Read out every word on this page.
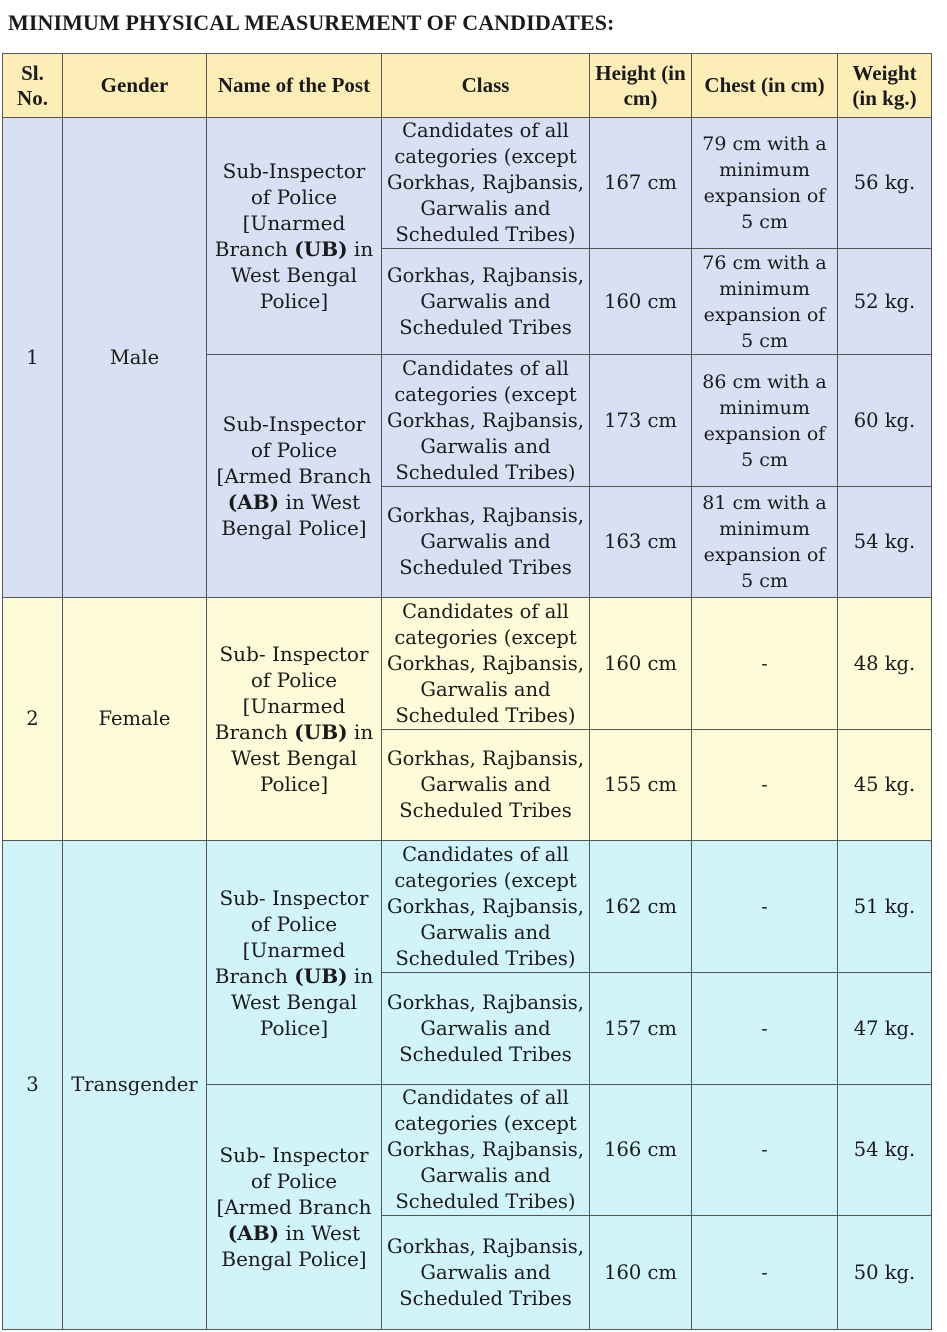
MINIMUM PHYSICAL MEASUREMENT OF CANDIDATES:
Sl. No.	Gender	Name of the Post	Class	Height (in cm)	Chest (in cm)	Weight (in kg.)
1	Male	Sub-Inspector of Police [Unarmed Branch (UB) in West Bengal Police]	Candidates of all categories (except Gorkhas, Rajbansis, Garwalis and Scheduled Tribes)	167 cm	79 cm with a minimum expansion of 5 cm	56 kg.
			Gorkhas, Rajbansis, Garwalis and Scheduled Tribes	160 cm	76 cm with a minimum expansion of 5 cm	52 kg.
		Sub-Inspector of Police [Armed Branch (AB) in West Bengal Police]	Candidates of all categories (except Gorkhas, Rajbansis, Garwalis and Scheduled Tribes)	173 cm	86 cm with a minimum expansion of 5 cm	60 kg.
			Gorkhas, Rajbansis, Garwalis and Scheduled Tribes	163 cm	81 cm with a minimum expansion of 5 cm	54 kg.
2	Female	Sub- Inspector of Police [Unarmed Branch (UB) in West Bengal Police]	Candidates of all categories (except Gorkhas, Rajbansis, Garwalis and Scheduled Tribes)	160 cm	-	48 kg.
			Gorkhas, Rajbansis, Garwalis and Scheduled Tribes	155 cm	-	45 kg.
3	Transgender	Sub- Inspector of Police [Unarmed Branch (UB) in West Bengal Police]	Candidates of all categories (except Gorkhas, Rajbansis, Garwalis and Scheduled Tribes)	162 cm	-	51 kg.
			Gorkhas, Rajbansis, Garwalis and Scheduled Tribes	157 cm	-	47 kg.
		Sub- Inspector of Police [Armed Branch (AB) in West Bengal Police]	Candidates of all categories (except Gorkhas, Rajbansis, Garwalis and Scheduled Tribes)	166 cm	-	54 kg.
			Gorkhas, Rajbansis, Garwalis and Scheduled Tribes	160 cm	-	50 kg.
